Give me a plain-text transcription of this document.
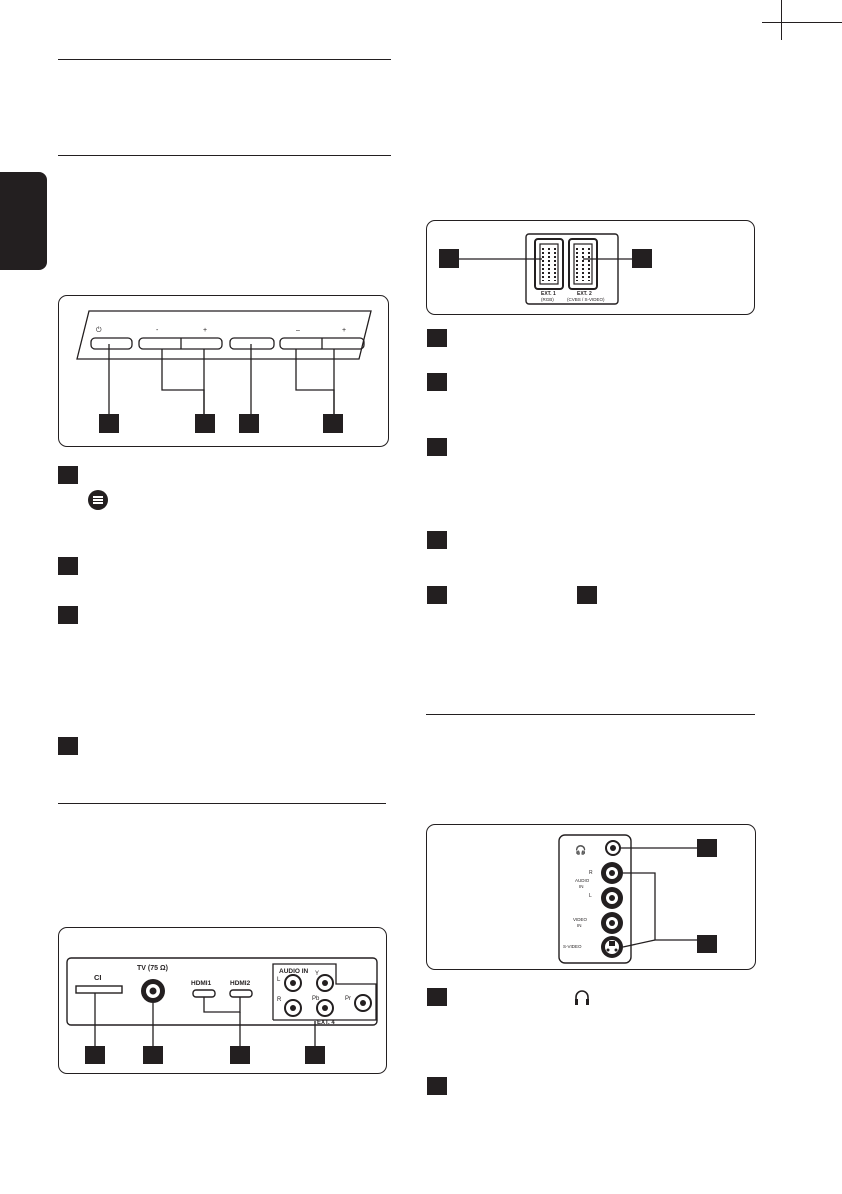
⏻	-	+	–	+
CI
TV (75 Ω)
HDMI1	HDMI2
AUDIO IN
L
R
Y
Pb	Pr
EXT. 4
EXT. 1
(RGB)
EXT. 2
(CVBS / S-VIDEO)
🎧
R
AUDIO
IN
L
VIDEO
IN
S-VIDEO
